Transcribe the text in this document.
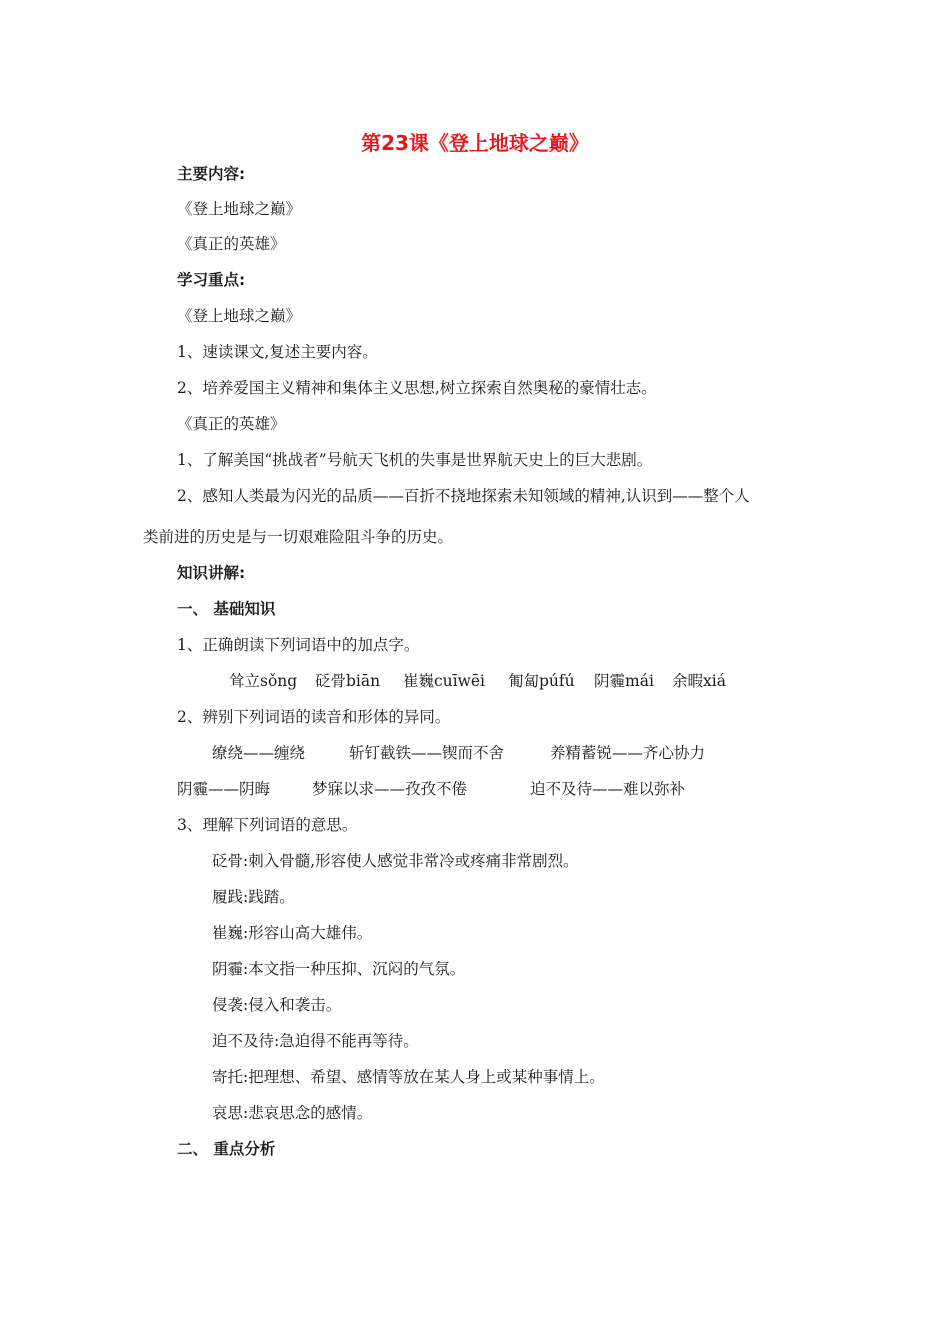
第23课《登上地球之巅》
主要内容:
《登上地球之巅》
《真正的英雄》
学习重点:
《登上地球之巅》
1、速读课文,复述主要内容。
2、培养爱国主义精神和集体主义思想,树立探索自然奥秘的豪情壮志。
《真正的英雄》
1、了解美国“挑战者”号航天飞机的失事是世界航天史上的巨大悲剧。
2、感知人类最为闪光的品质——百折不挠地探索未知领域的精神,认识到——整个人
类前进的历史是与一切艰难险阻斗争的历史。
知识讲解:
一、 基础知识
1、正确朗读下列词语中的加点字。
耸立sǒng 砭骨biān 崔巍cuīwēi 匍匐púfú 阴霾mái 余暇xiá
2、辨别下列词语的读音和形体的异同。
缭绕——缠绕	斩钉截铁——锲而不舍	养精蓄锐——齐心协力
阴霾——阴晦	梦寐以求——孜孜不倦	迫不及待——难以弥补
3、理解下列词语的意思。
砭骨:刺入骨髓,形容使人感觉非常冷或疼痛非常剧烈。
履践:践踏。
崔巍:形容山高大雄伟。
阴霾:本文指一种压抑、沉闷的气氛。
侵袭:侵入和袭击。
迫不及待:急迫得不能再等待。
寄托:把理想、希望、感情等放在某人身上或某种事情上。
哀思:悲哀思念的感情。
二、 重点分析
